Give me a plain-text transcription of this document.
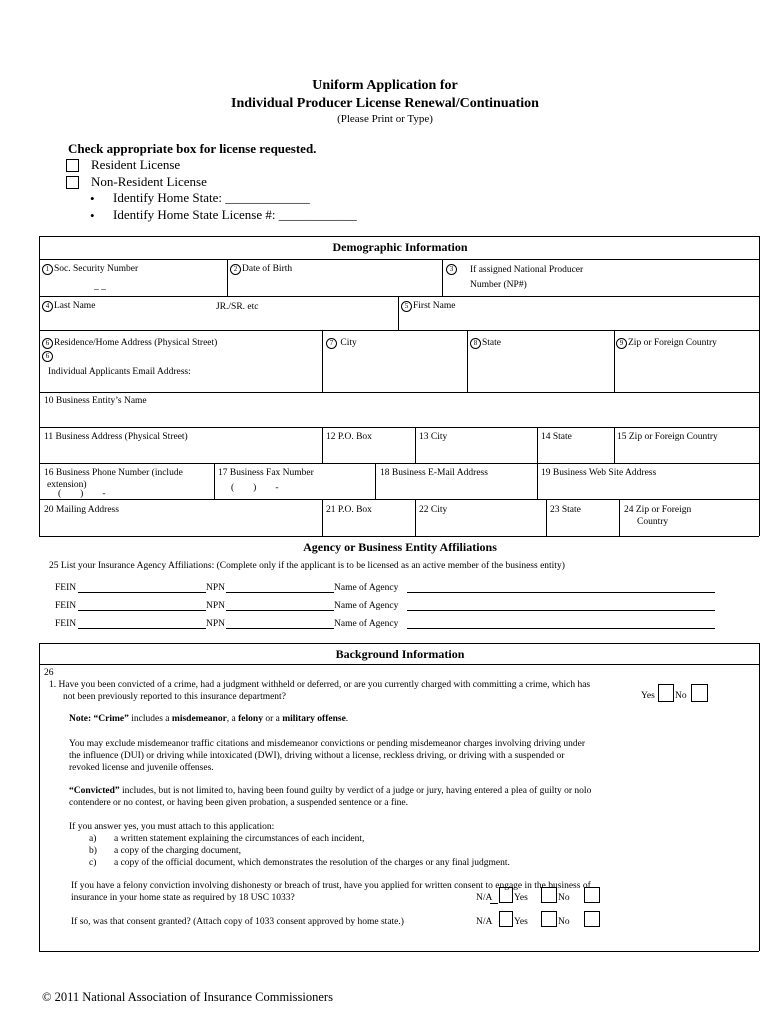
Uniform Application for
Individual Producer License Renewal/Continuation
(Please Print or Type)
Check appropriate box for license requested.
Resident License
Non-Resident License
• Identify Home State: _____________
• Identify Home State License #: ____________
Demographic Information
1 Soc. Security Number
_ _
2 Date of Birth	3	If assigned National Producer
Number (NP#)
4 Last Name	JR./SR. etc	5 First Name
6 Residence/Home Address (Physical Street)
6
Individual Applicants Email Address:
7 City	8 State	9 Zip or Foreign Country
10 Business Entity’s Name
11 Business Address (Physical Street)	12 P.O. Box	13 City	14 State	15 Zip or Foreign Country
16 Business Phone Number (include
extension)
(        )        -
17 Business Fax Number
(        )        -
18 Business E-Mail Address	19 Business Web Site Address
20 Mailing Address	21 P.O. Box	22 City	23 State	24 Zip or Foreign
Country
Agency or Business Entity Affiliations
25 List your Insurance Agency Affiliations: (Complete only if the applicant is to be licensed as an active member of the business entity)
FEIN	NPN	Name of Agency
FEIN	NPN	Name of Agency
FEIN	NPN	Name of Agency
Background Information
26
1. Have you been convicted of a crime, had a judgment withheld or deferred, or are you currently charged with committing a crime, which has
not been previously reported to this insurance department?	Yes No
Note: “Crime” includes a misdemeanor, a felony or a military offense.
You may exclude misdemeanor traffic citations and misdemeanor convictions or pending misdemeanor charges involving driving under
the influence (DUI) or driving while intoxicated (DWI), driving without a license, reckless driving, or driving with a suspended or
revoked license and juvenile offenses.
“Convicted” includes, but is not limited to, having been found guilty by verdict of a judge or jury, having entered a plea of guilty or nolo
contendere or no contest, or having been given probation, a suspended sentence or a fine.
If you answer yes, you must attach to this application:
a) a written statement explaining the circumstances of each incident,
b) a copy of the charging document,
c) a copy of the official document, which demonstrates the resolution of the charges or any final judgment.
If you have a felony conviction involving dishonesty or breach of trust, have you applied for written consent to engage in the business of
insurance in your home state as required by 18 USC 1033?	N/A Yes	No
If so, was that consent granted? (Attach copy of 1033 consent approved by home state.)	N/A Yes	No
© 2011 National Association of Insurance Commissioners
